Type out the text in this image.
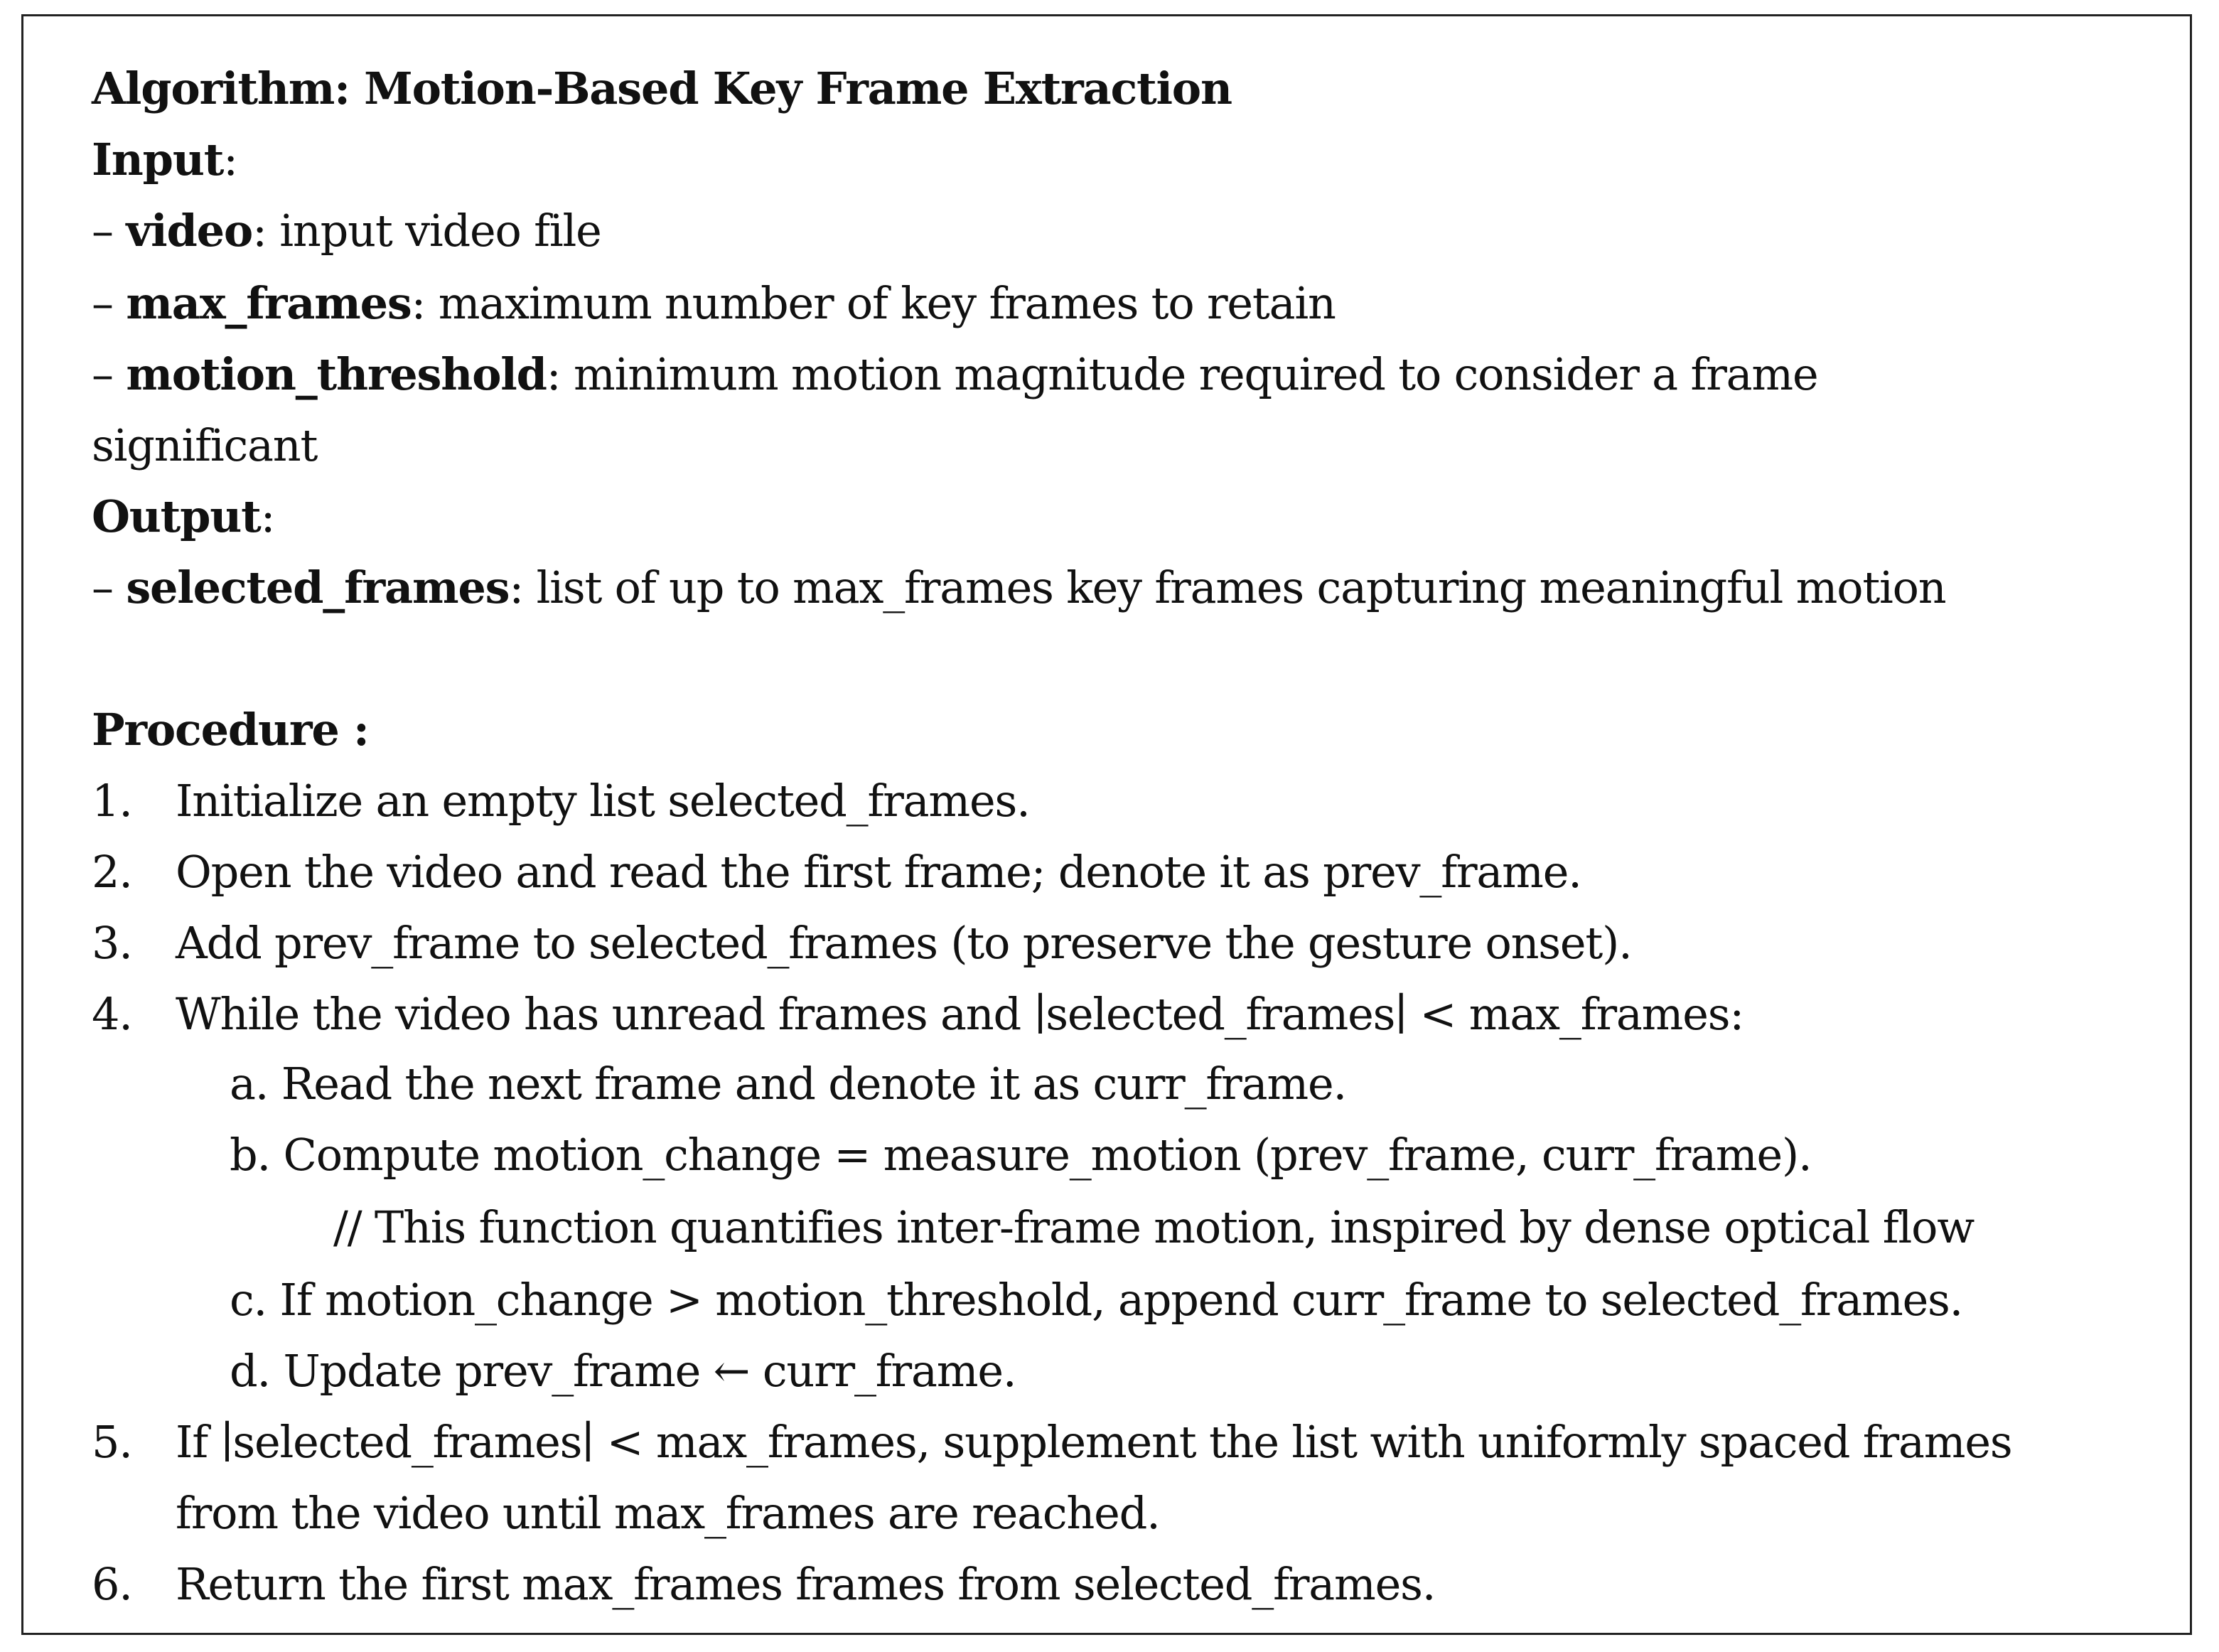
Algorithm: Motion-Based Key Frame Extraction
Input:
– video: input video file
– max_frames: maximum number of key frames to retain
– motion_threshold: minimum motion magnitude required to consider a frame
significant
Output:
– selected_frames: list of up to max_frames key frames capturing meaningful motion
Procedure :
1. Initialize an empty list selected_frames.
2. Open the video and read the first frame; denote it as prev_frame.
3. Add prev_frame to selected_frames (to preserve the gesture onset).
4. While the video has unread frames and ∣selected_frames∣ < max_frames:
a. Read the next frame and denote it as curr_frame.
b. Compute motion_change = measure_motion (prev_frame, curr_frame).
// This function quantifies inter-frame motion, inspired by dense optical flow
c. If motion_change > motion_threshold, append curr_frame to selected_frames.
d. Update prev_frame ← curr_frame.
5. If ∣selected_frames∣ < max_frames, supplement the list with uniformly spaced frames
from the video until max_frames are reached.
6. Return the first max_frames frames from selected_frames.
